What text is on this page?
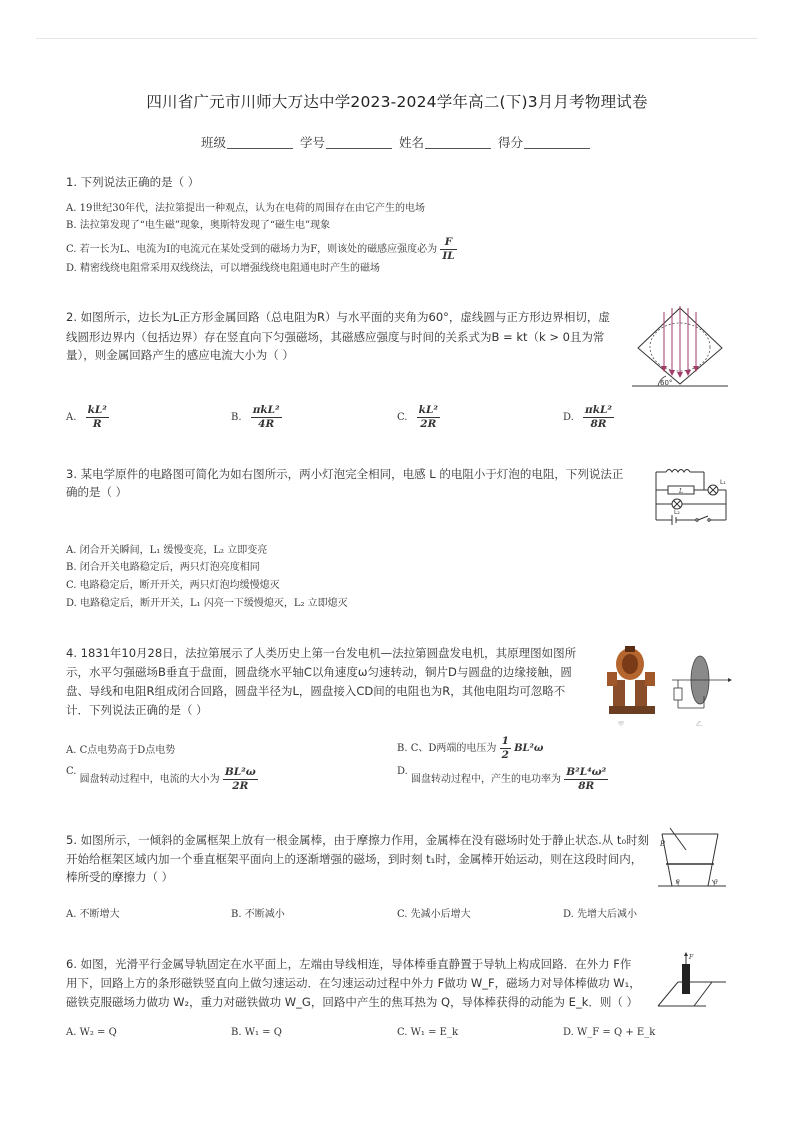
四川省广元市川师大万达中学2023-2024学年高二(下)3月月考物理试卷
班级	学号	姓名	得分
1. 下列说法正确的是（ ）
A. 19世纪30年代，法拉第提出一种观点，认为在电荷的周围存在由它产生的电场
B. 法拉第发现了“电生磁”现象，奥斯特发现了“磁生电”现象
C. 若一长为L、电流为I的电流元在某处受到的磁场力为F，则该处的磁感应强度必为 $\frac{F}{IL}$
D. 精密线绕电阻常采用双线绕法，可以增强线绕电阻通电时产生的磁场
2. 如图所示，边长为L正方形金属回路（总电阻为R）与水平面的夹角为60°，虚线圆与正方形边界相切，虚
线圆形边界内（包括边界）存在竖直向下匀强磁场，其磁感应强度与时间的关系式为B = kt（k > 0且为常
量），则金属回路产生的感应电流大小为（ ）
60°
A. $\frac{\text{kL²}}{R}$	B. $\frac{\text{πkL²}}{4R}$	C. $\frac{\text{kL²}}{2R}$	D. $\frac{\text{πkL²}}{8R}$
3. 某电学原件的电路图可简化为如右图所示，两小灯泡完全相同，电感 L 的电阻小于灯泡的电阻，下列说法正
确的是（ ）	L
L₁
L₂
A. 闭合开关瞬间，L₁ 缓慢变亮，L₂ 立即变亮
B. 闭合开关电路稳定后，两只灯泡亮度相同
C. 电路稳定后，断开开关，两只灯泡均缓慢熄灭
D. 电路稳定后，断开开关，L₁ 闪亮一下缓慢熄灭，L₂ 立即熄灭
4. 1831年10月28日，法拉第展示了人类历史上第一台发电机—法拉第圆盘发电机，其原理图如图所
示，水平匀强磁场B垂直于盘面，圆盘绕水平轴C以角速度ω匀速转动，铜片D与圆盘的边缘接触，圆
盘、导线和电阻R组成闭合回路，圆盘半径为L，圆盘接入CD间的电阻也为R，其他电阻均可忽略不
计．下列说法正确的是（ ）
甲	乙
A. C点电势高于D点电势	B. C、D两端的电压为 $\frac{1}{2} BL^2\omega$
C. 圆盘转动过程中，电流的大小为 $\frac{\text{BL²ω}}{2R}$	D. 圆盘转动过程中，产生的电功率为 $\frac{\text{B²L⁴ω²}}{8R}$
5. 如图所示，一倾斜的金属框架上放有一根金属棒，由于摩擦力作用，金属棒在没有磁场时处于静止状态.从 t₀时刻
开始给框架区域内加一个垂直框架平面向上的逐渐增强的磁场，到时刻 t₁时，金属棒开始运动，则在这段时间内，
棒所受的摩擦力（ ）
B
θ	θ
A. 不断增大	B. 不断减小	C. 先减小后增大	D. 先增大后减小
6. 如图，光滑平行金属导轨固定在水平面上，左端由导线相连，导体棒垂直静置于导轨上构成回路．在外力 F作
用下，回路上方的条形磁铁竖直向上做匀速运动．在匀速运动过程中外力 F做功 W_F，磁场力对导体棒做功 W₁，
磁铁克服磁场力做功 W₂，重力对磁铁做功 W_G，回路中产生的焦耳热为 Q，导体棒获得的动能为 E_k．则（ ）
F
A. W₂ = Q	B. W₁ = Q	C. W₁ = E_k	D. W_F = Q + E_k
